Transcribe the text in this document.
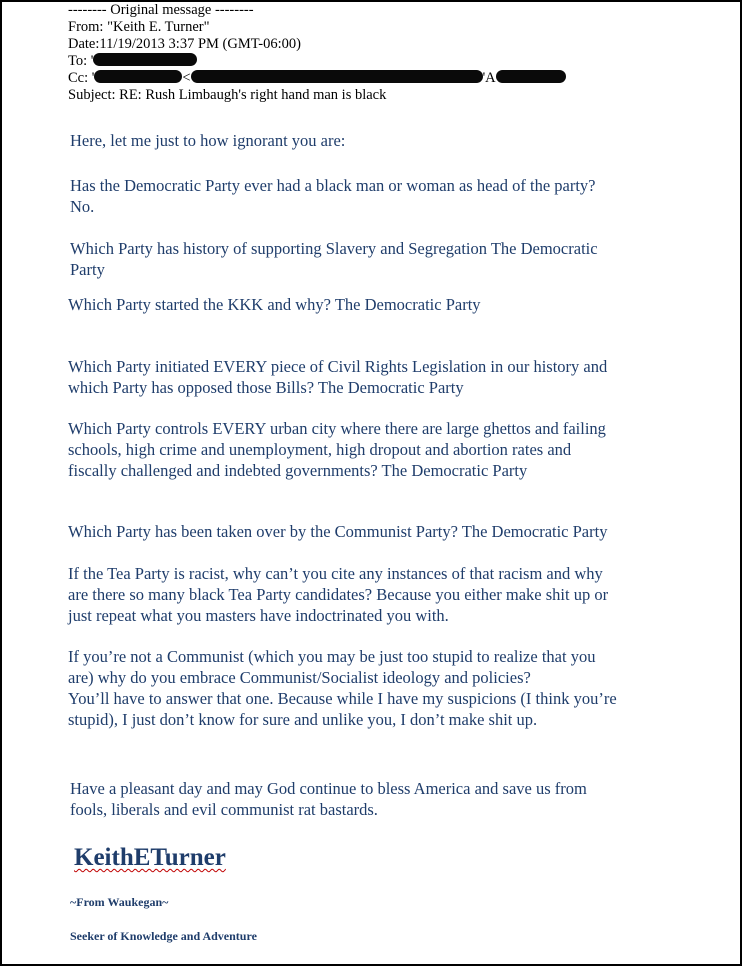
-------- Original message --------
From: "Keith E. Turner"
Date:11/19/2013 3:37 PM (GMT-06:00)
To: '
Cc: '	<	'A
Subject: RE: Rush Limbaugh's right hand man is black
Here, let me just to how ignorant you are:
Has the Democratic Party ever had a black man or woman as head of the party?
No.
Which Party has history of supporting Slavery and Segregation The Democratic
Party
Which Party started the KKK and why? The Democratic Party
Which Party initiated EVERY piece of Civil Rights Legislation in our history and
which Party has opposed those Bills? The Democratic Party
Which Party controls EVERY urban city where there are large ghettos and failing
schools, high crime and unemployment, high dropout and abortion rates and
fiscally challenged and indebted governments? The Democratic Party
Which Party has been taken over by the Communist Party? The Democratic Party
If the Tea Party is racist, why can’t you cite any instances of that racism and why
are there so many black Tea Party candidates? Because you either make shit up or
just repeat what you masters have indoctrinated you with.
If you’re not a Communist (which you may be just too stupid to realize that you
are) why do you embrace Communist/Socialist ideology and policies?
You’ll have to answer that one. Because while I have my suspicions (I think you’re
stupid), I just don’t know for sure and unlike you, I don’t make shit up.
Have a pleasant day and may God continue to bless America and save us from
fools, liberals and evil communist rat bastards.
KeithETurner
~From Waukegan~
Seeker of Knowledge and Adventure
